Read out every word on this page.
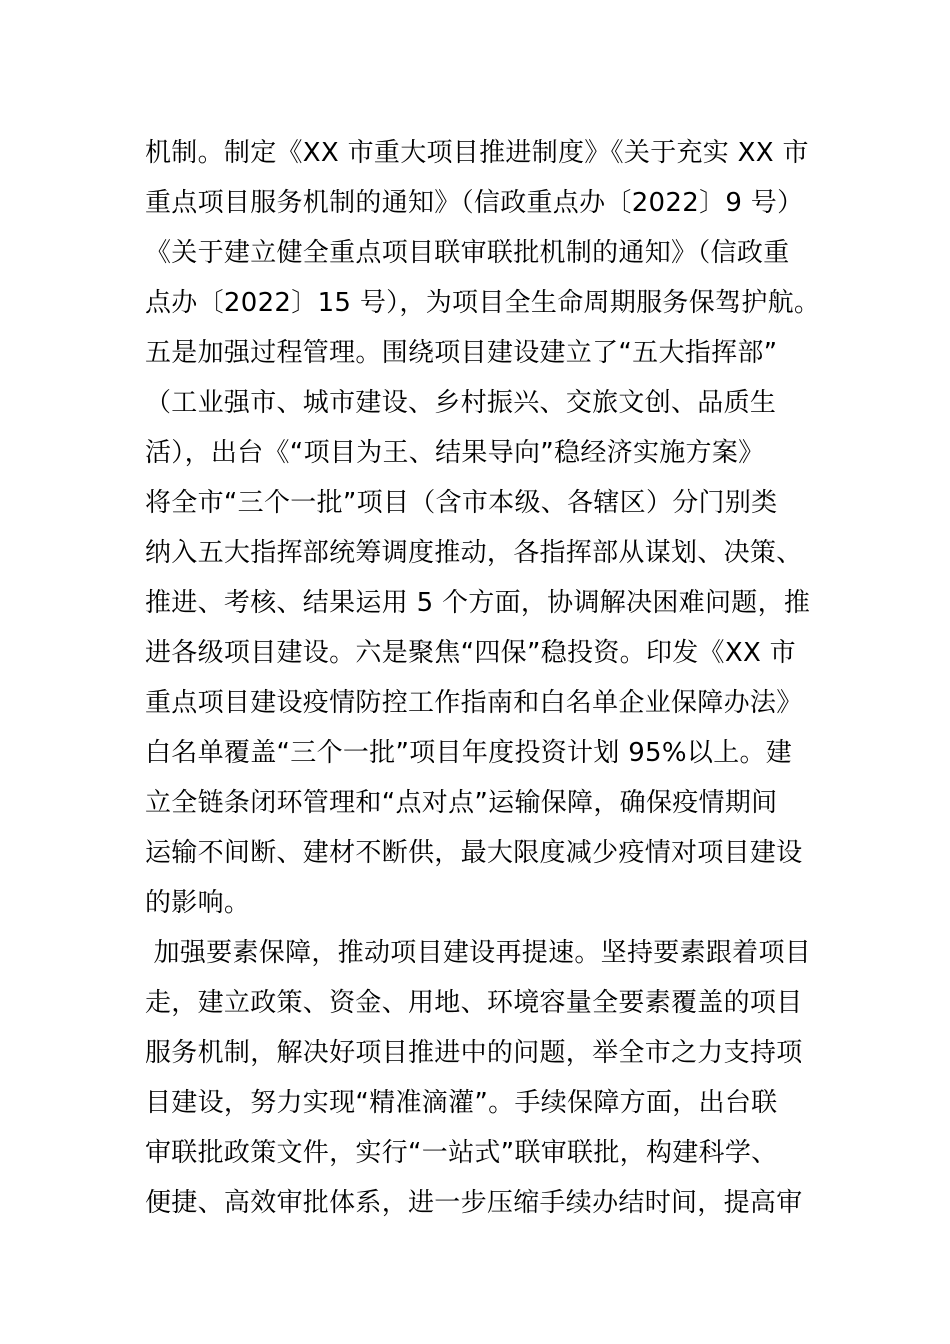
机制。制定《XX 市重大项目推进制度》《关于充实 XX 市
重点项目服务机制的通知》（信政重点办〔2022〕9 号）
《关于建立健全重点项目联审联批机制的通知》（信政重
点办〔2022〕15 号），为项目全生命周期服务保驾护航。
五是加强过程管理。围绕项目建设建立了“五大指挥部”
（工业强市、城市建设、乡村振兴、交旅文创、品质生
活），出台《“项目为王、结果导向”稳经济实施方案》
将全市“三个一批”项目（含市本级、各辖区）分门别类
纳入五大指挥部统筹调度推动，各指挥部从谋划、决策、
推进、考核、结果运用 5 个方面，协调解决困难问题，推
进各级项目建设。六是聚焦“四保”稳投资。印发《XX 市
重点项目建设疫情防控工作指南和白名单企业保障办法》
白名单覆盖“三个一批”项目年度投资计划 95%以上。建
立全链条闭环管理和“点对点”运输保障，确保疫情期间
运输不间断、建材不断供，最大限度减少疫情对项目建设
的影响。
加强要素保障，推动项目建设再提速。坚持要素跟着项目
走，建立政策、资金、用地、环境容量全要素覆盖的项目
服务机制，解决好项目推进中的问题，举全市之力支持项
目建设，努力实现“精准滴灌”。手续保障方面，出台联
审联批政策文件，实行“一站式”联审联批，构建科学、
便捷、高效审批体系，进一步压缩手续办结时间，提高审
